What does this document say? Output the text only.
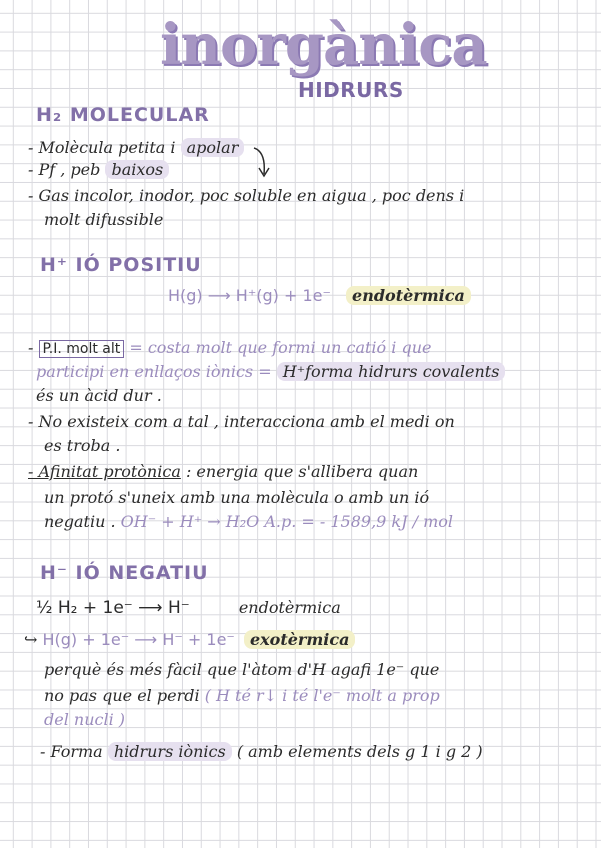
inorgànica
HIDRURS
H₂ MOLECULAR
- Molècula petita i apolar
- Pf , peb baixos
- Gas incolor, inodor, poc soluble en aigua , poc dens i
molt difussible
H⁺ IÓ POSITIU
H(g) ⟶ H⁺(g) + 1e⁻ endotèrmica
- P.I. molt alt = costa molt que formi un catió i que
participi en enllaços iònics = H⁺forma hidrurs covalents
és un àcid dur .
- No existeix com a tal , interacciona amb el medi on
es troba .
- Afinitat protònica : energia que s'allibera quan
un protó s'uneix amb una molècula o amb un ió
negatiu . OH⁻ + H⁺ → H₂O A.p. = - 1589,9 kJ / mol
H⁻ IÓ NEGATIU
½ H₂ + 1e⁻ ⟶ H⁻	endotèrmica
↪ H(g) + 1e⁻ ⟶ H⁻ + 1e⁻ exotèrmica
perquè és més fàcil que l'àtom d'H agafi 1e⁻ que
no pas que el perdi ( H té r↓ i té l'e⁻ molt a prop
del nucli )
- Forma hidrurs iònics ( amb elements dels g 1 i g 2 )
